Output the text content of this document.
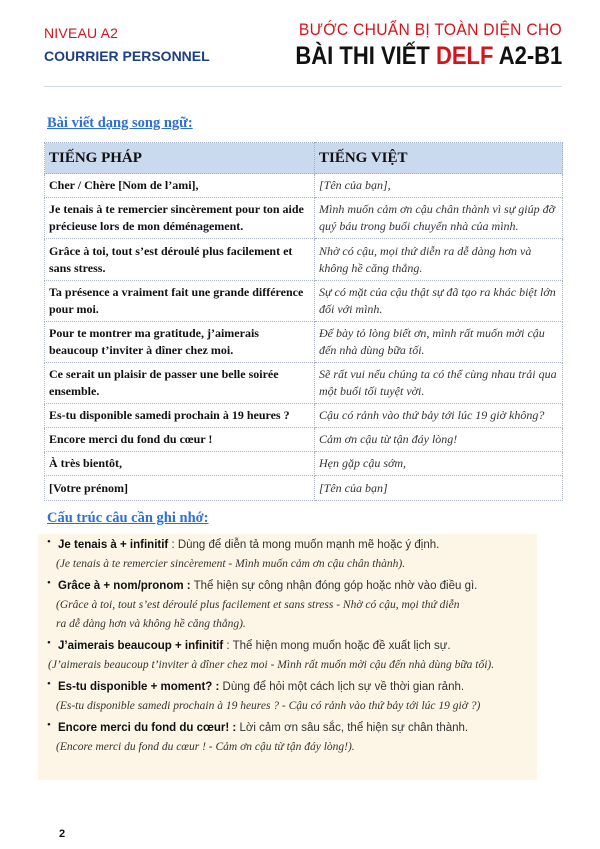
NIVEAU A2
COURRIER PERSONNEL
BƯỚC CHUẨN BỊ TOÀN DIỆN CHO
BÀI THI VIẾT DELF A2-B1
Bài viết dạng song ngữ:
TIẾNG PHÁP	TIẾNG VIỆT
Cher / Chère [Nom de l’ami],	[Tên của bạn],
Je tenais à te remercier sincèrement pour ton aide précieuse lors de mon déménagement.	Mình muốn cảm ơn cậu chân thành vì sự giúp đỡ quý báu trong buổi chuyển nhà của mình.
Grâce à toi, tout s’est déroulé plus facilement et sans stress.	Nhờ có cậu, mọi thứ diễn ra dễ dàng hơn và không hề căng thẳng.
Ta présence a vraiment fait une grande différence pour moi.	Sự có mặt của cậu thật sự đã tạo ra khác biệt lớn đối với mình.
Pour te montrer ma gratitude, j’aimerais beaucoup t’inviter à dîner chez moi.	Để bày tỏ lòng biết ơn, mình rất muốn mời cậu đến nhà dùng bữa tối.
Ce serait un plaisir de passer une belle soirée ensemble.	Sẽ rất vui nếu chúng ta có thể cùng nhau trải qua một buổi tối tuyệt vời.
Es-tu disponible samedi prochain à 19 heures ?	Cậu có rảnh vào thứ bảy tới lúc 19 giờ không?
Encore merci du fond du cœur !	Cảm ơn cậu từ tận đáy lòng!
À très bientôt,	Hẹn gặp cậu sớm,
[Votre prénom]	[Tên của bạn]
Cấu trúc câu cần ghi nhớ:
• Je tenais à + infinitif : Dùng để diễn tả mong muốn mạnh mẽ hoặc ý định.
(Je tenais à te remercier sincèrement - Mình muốn cảm ơn cậu chân thành).
• Grâce à + nom/pronom : Thể hiện sự công nhận đóng góp hoặc nhờ vào điều gì.
(Grâce à toi, tout s’est déroulé plus facilement et sans stress - Nhờ có cậu, mọi thứ diễn
ra dễ dàng hơn và không hề căng thẳng).
• J’aimerais beaucoup + infinitif : Thể hiện mong muốn hoặc đề xuất lịch sự.
(J’aimerais beaucoup t’inviter à dîner chez moi - Mình rất muốn mời cậu đến nhà dùng bữa tối).
• Es-tu disponible + moment? : Dùng để hỏi một cách lịch sự về thời gian rảnh.
(Es-tu disponible samedi prochain à 19 heures ? - Cậu có rảnh vào thứ bảy tới lúc 19 giờ ?)
• Encore merci du fond du cœur! : Lời cảm ơn sâu sắc, thể hiện sự chân thành.
(Encore merci du fond du cœur ! - Cảm ơn cậu từ tận đáy lòng!).
2
